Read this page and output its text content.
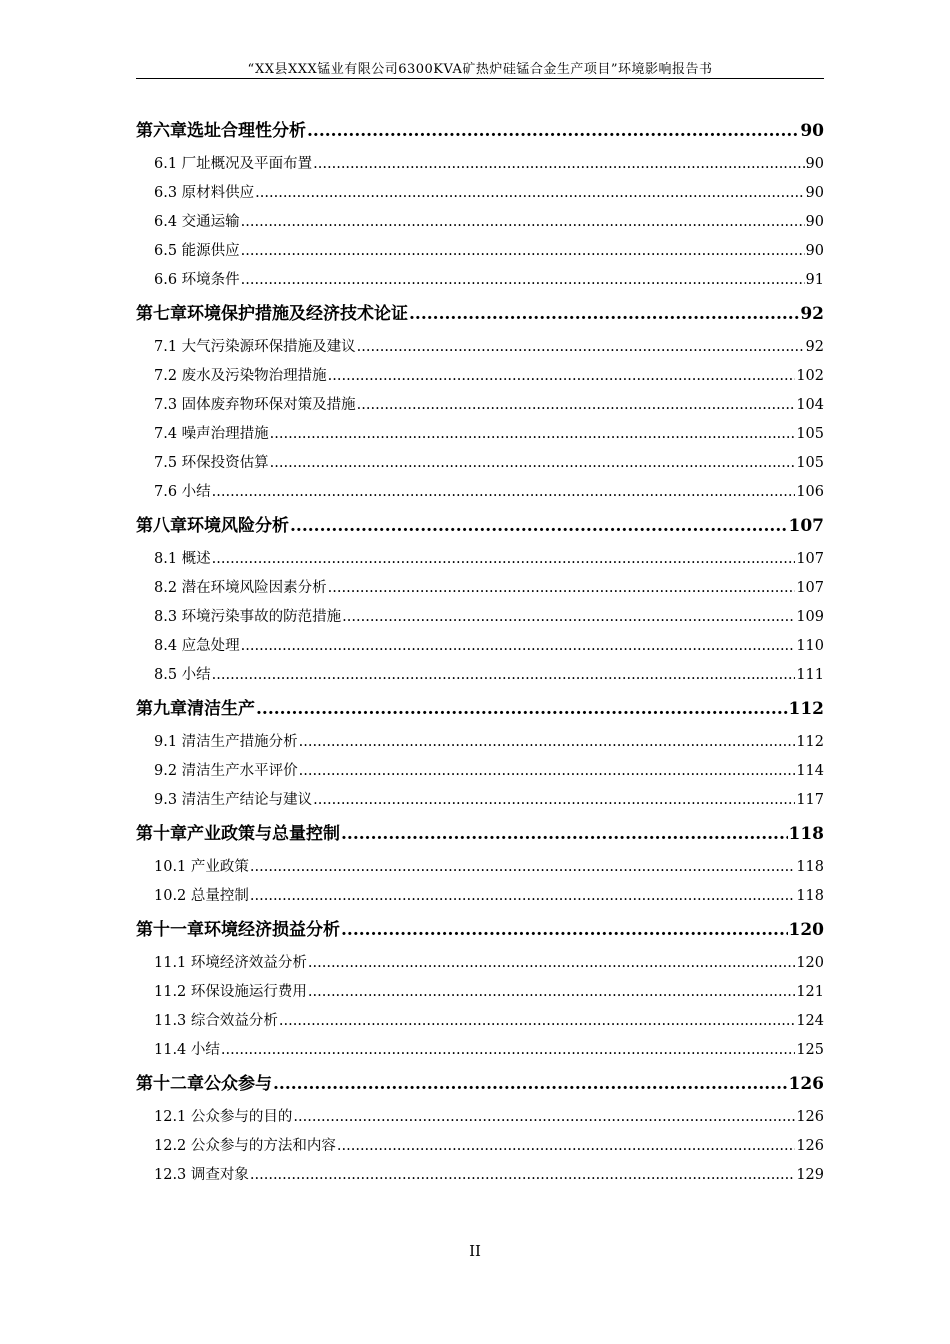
“XX县XXX锰业有限公司6300KVA矿热炉硅锰合金生产项目”环境影响报告书
第六章 选址合理性分析 .....	90
6.1 厂址概况及平面布置 .....	90
6.3 原材料供应 .....	90
6.4 交通运输 .....	90
6.5 能源供应 .....	90
6.6 环境条件 .....	91
第七章 环境保护措施及经济技术论证 .....	92
7.1 大气污染源环保措施及建议 .....	92
7.2 废水及污染物治理措施 .....	102
7.3 固体废弃物环保对策及措施 .....	104
7.4 噪声治理措施 .....	105
7.5 环保投资估算 .....	105
7.6 小结 .....	106
第八章 环境风险分析 .....	107
8.1 概述 .....	107
8.2 潜在环境风险因素分析 .....	107
8.3 环境污染事故的防范措施 .....	109
8.4 应急处理 .....	110
8.5 小结 .....	111
第九章 清洁生产 .....	112
9.1 清洁生产措施分析 .....	112
9.2 清洁生产水平评价 .....	114
9.3 清洁生产结论与建议 .....	117
第十章 产业政策与总量控制 .....	118
10.1 产业政策 .....	118
10.2 总量控制 .....	118
第十一章 环境经济损益分析 .....	120
11.1 环境经济效益分析 .....	120
11.2 环保设施运行费用 .....	121
11.3 综合效益分析 .....	124
11.4 小结 .....	125
第十二章 公众参与 .....	126
12.1 公众参与的目的 .....	126
12.2 公众参与的方法和内容 .....	126
12.3 调查对象 .....	129
II
